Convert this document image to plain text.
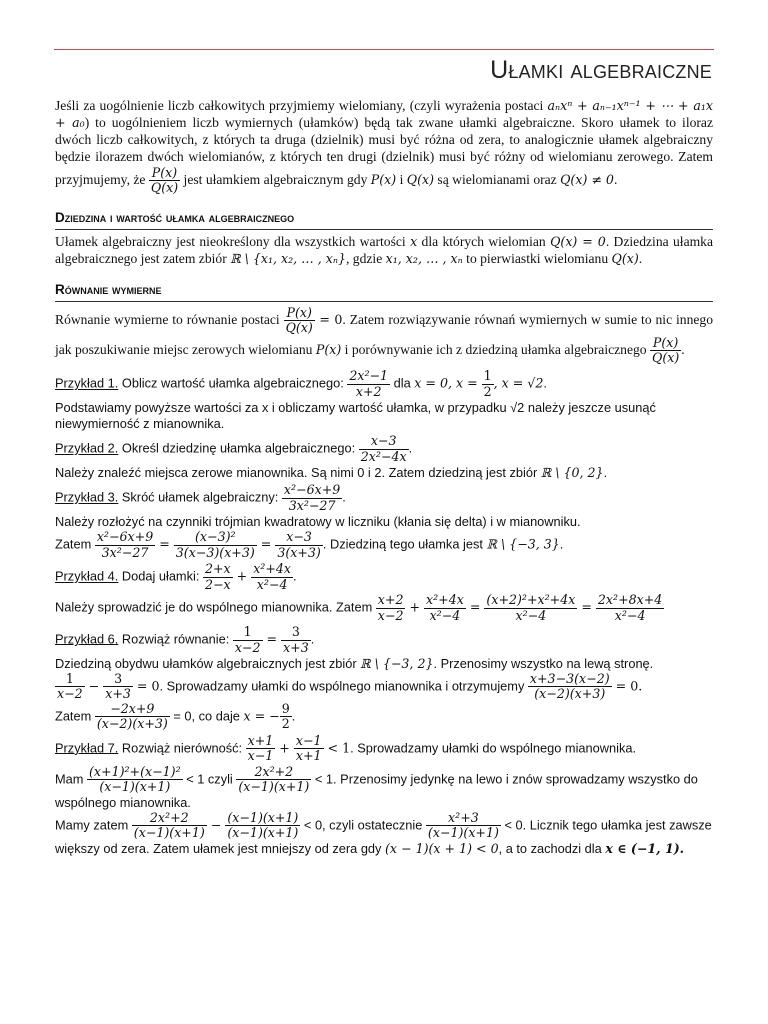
Ułamki algebraiczne

Jeśli za uogólnienie liczb całkowitych przyjmiemy wielomiany, (czyli wyrażenia postaci aₙxⁿ + aₙ₋₁xⁿ⁻¹ + ⋯ + a₁x + a₀) to uogólnieniem liczb wymiernych (ułamków) będą tak zwane ułamki algebraiczne. Skoro ułamek to iloraz dwóch liczb całkowitych, z których ta druga (dzielnik) musi być różna od zera, to analogicznie ułamek algebraiczny będzie ilorazem dwóch wielomianów, z których ten drugi (dzielnik) musi być różny od wielomianu zerowego. Zatem przyjmujemy, że $\frac{P(x)}{Q(x)}$ jest ułamkiem algebraicznym gdy P(x) i Q(x) są wielomianami oraz Q(x) ≠ 0.

Dziedzina i wartość ułamka algebraicznego

Ułamek algebraiczny jest nieokreślony dla wszystkich wartości x dla których wielomian Q(x) = 0. Dziedzina ułamka algebraicznego jest zatem zbiór ℝ \ {x₁, x₂, … , xₙ}, gdzie x₁, x₂, … , xₙ to pierwiastki wielomianu Q(x).

Równanie wymierne

Równanie wymierne to równanie postaci $\frac{P(x)}{Q(x)} = 0$. Zatem rozwiązywanie równań wymiernych w sumie to nic innego jak poszukiwanie miejsc zerowych wielomianu P(x) i porównywanie ich z dziedziną ułamka algebraicznego $\frac{P(x)}{Q(x)}$ .

Przykład 1. Oblicz wartość ułamka algebraicznego: $\frac{\text{2x²−1}}{x+2}$ dla x = 0, $x = \frac{1}{2}$ , x = √2.
Podstawiamy powyższe wartości za x i obliczamy wartość ułamka, w przypadku √2 należy jeszcze usunąć niewymierność z mianownika.
Przykład 2. Określ dziedzinę ułamka algebraicznego: $\frac{x-3}{\text{2x²−4x}}$ .
Należy znaleźć miejsca zerowe mianownika. Są nimi 0 i 2. Zatem dziedziną jest zbiór ℝ \ {0, 2}.
Przykład 3. Skróć ułamek algebraiczny: $\frac{\text{x²−6x+9}}{\text{3x²−27}}$ .
Należy rozłożyć na czynniki trójmian kwadratowy w liczniku (kłania się delta) i w mianowniku.
Zatem $\frac{\text{x²−6x+9}}{\text{3x²−27}} = \frac{\text{(x−3)²}}{3(x-3)(x+3)} = \frac{x-3}{3(x+3)}$ . Dziedziną tego ułamka jest ℝ \ {−3, 3}.
Przykład 4. Dodaj ułamki: $\frac{2+x}{2-x} + \frac{\text{x²+4x}}{\text{x²−4}}$ .
Należy sprowadzić je do wspólnego mianownika. Zatem $\frac{x+2}{x-2} + \frac{\text{x²+4x}}{\text{x²−4}} = \frac{\text{(x+2)²+x²+4x}}{\text{x²−4}} = \frac{\text{2x²+8x+4}}{\text{x²−4}}$
Przykład 6. Rozwiąż równanie: $\frac{1}{x-2} = \frac{3}{x+3}$ .
Dziedziną obydwu ułamków algebraicznych jest zbiór ℝ \ {−3, 2}. Przenosimy wszystko na lewą stronę.
$\frac{1}{x-2} - \frac{3}{x+3} = 0$. Sprowadzamy ułamki do wspólnego mianownika i otrzymujemy $\frac{x+3-3(x-2)}{(x-2)(x+3)} = 0$.
Zatem $\frac{-2x+9}{(x-2)(x+3)} = 0$, co daje x = − $\frac{9}{2}$ .
Przykład 7. Rozwiąż nierówność: $\frac{x+1}{x-1} + \frac{x-1}{x+1} < 1$. Sprowadzamy ułamki do wspólnego mianownika.
Mam $\frac{\text{(x+1)²+(x−1)²}}{(x-1)(x+1)} < 1$ czyli $\frac{\text{2x²+2}}{(x-1)(x+1)} < 1$. Przenosimy jedynkę na lewo i znów sprowadzamy wszystko do wspólnego mianownika.
Mamy zatem $\frac{\text{2x²+2}}{(x-1)(x+1)} - \frac{(x-1)(x+1)}{(x-1)(x+1)} < 0$, czyli ostatecznie $\frac{\text{x²+3}}{(x-1)(x+1)} < 0$. Licznik tego ułamka jest zawsze większy od zera. Zatem ułamek jest mniejszy od zera gdy (x − 1)(x + 1) < 0, a to zachodzi dla x ∈ (−1, 1).
